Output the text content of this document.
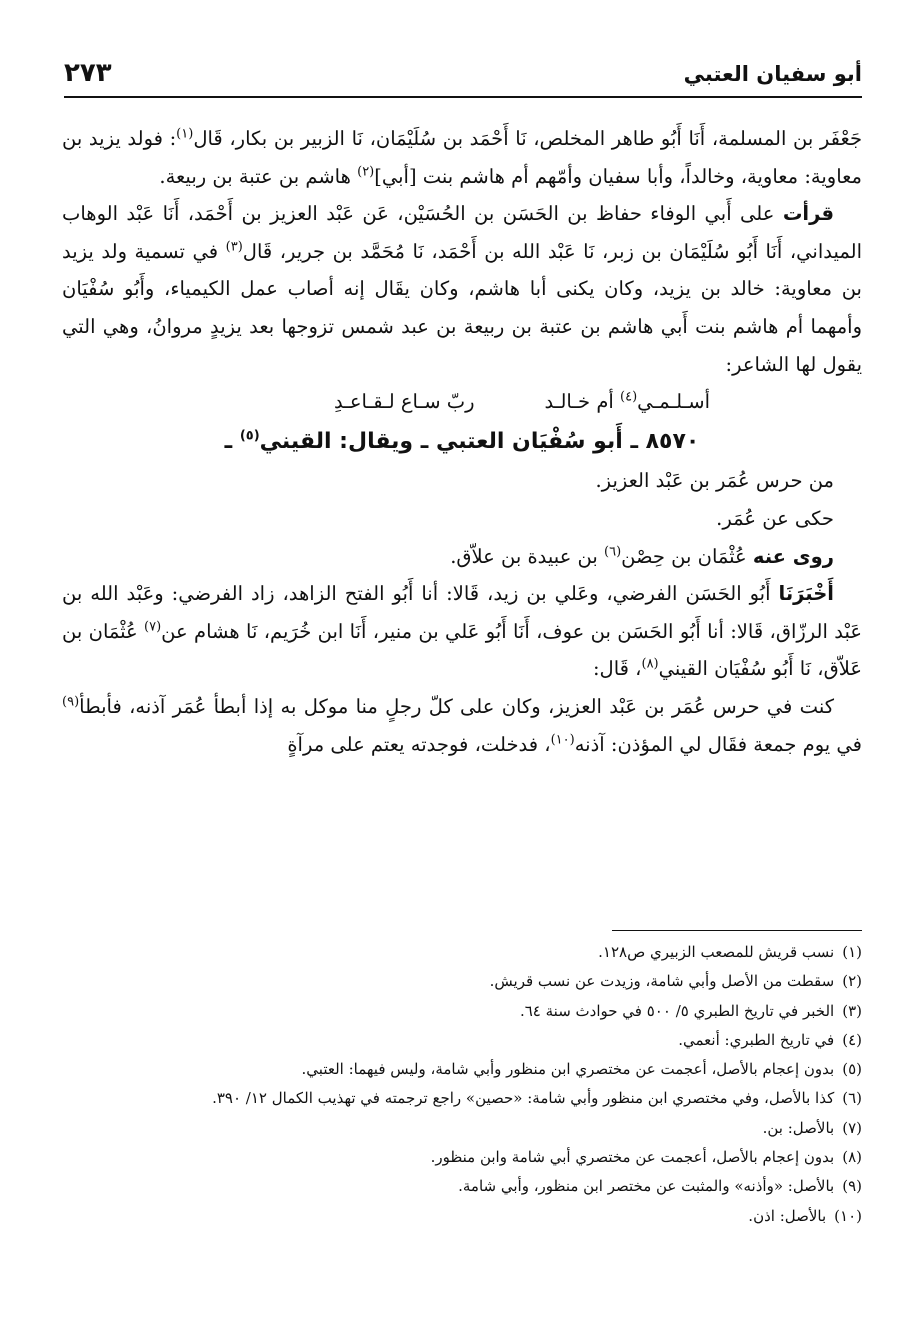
أبو سفيان العتبي
٢٧٣

جَعْفَر بن المسلمة، أَنَا أَبُو طاهر المخلص، نَا أَحْمَد بن سُلَيْمَان، نَا الزبير بن بكار، قَال$^{(١)}$: فولد يزيد بن معاوية: معاوية، وخالداً، وأبا سفيان وأمّهم أم هاشم بنت [أبي]$^{(٢)}$ هاشم بن عتبة بن ربيعة.

قرأت على أَبي الوفاء حفاظ بن الحَسَن بن الحُسَيْن، عَن عَبْد العزيز بن أَحْمَد، أَنَا عَبْد الوهاب الميداني، أَنَا أَبُو سُلَيْمَان بن زبر، نَا عَبْد الله بن أَحْمَد، نَا مُحَمَّد بن جرير، قَال$^{(٣)}$ في تسمية ولد يزيد بن معاوية: خالد بن يزيد، وكان يكنى أبا هاشم، وكان يقَال إنه أصاب عمل الكيمياء، وأَبُو سُفْيَان وأمهما أم هاشم بنت أَبي هاشم بن عتبة بن ربيعة بن عبد شمس تزوجها بعد يزيدٍ مروانُ، وهي التي يقول لها الشاعر:

أسـلـمـي$^{(٤)}$ أم خـالـد
ربّ سـاع لـقـاعـدِ
٨٥٧٠ ـ أَبو سُفْيَان العتبي ـ ويقال: القيني$^{(٥)}$ ـ

من حرس عُمَر بن عَبْد العزيز.

حكى عن عُمَر.

روى عنه عُثْمَان بن حِصْن$^{(٦)}$ بن عبيدة بن علاّق.

أَخْبَرَنَا أَبُو الحَسَن الفرضي، وعَلي بن زيد، قَالا: أنا أَبُو الفتح الزاهد، زاد الفرضي: وعَبْد الله بن عَبْد الرزّاق، قَالا: أنا أَبُو الحَسَن بن عوف، أَنَا أَبُو عَلي بن منير، أَنَا ابن خُرَيم، نَا هشام عن$^{(٧)}$ عُثْمَان بن عَلاّق، نَا أَبُو سُفْيَان القيني$^{(٨)}$، قَال:

كنت في حرس عُمَر بن عَبْد العزيز، وكان على كلّ رجلٍ منا موكل به إذا أبطأ عُمَر آذنه، فأبطأ$^{(٩)}$ في يوم جمعة فقَال لي المؤذن: آذنه$^{(١٠)}$، فدخلت، فوجدته يعتم على مرآةٍ

(١)
نسب قريش للمصعب الزبيري ص١٢٨.
(٢)
سقطت من الأصل وأبي شامة، وزيدت عن نسب قريش.
(٣)
الخبر في تاريخ الطبري ٥/ ٥٠٠ في حوادث سنة ٦٤.
(٤)
في تاريخ الطبري: أنعمي.
(٥)
بدون إعجام بالأصل، أعجمت عن مختصري ابن منظور وأبي شامة، وليس فيهما: العتبي.
(٦)
كذا بالأصل، وفي مختصري ابن منظور وأبي شامة: «حصين» راجع ترجمته في تهذيب الكمال ١٢/ ٣٩٠.
(٧)
بالأصل: بن.
(٨)
بدون إعجام بالأصل، أعجمت عن مختصري أبي شامة وابن منظور.
(٩)
بالأصل: «وأذنه» والمثبت عن مختصر ابن منظور، وأبي شامة.
(١٠)
بالأصل: اذن.
